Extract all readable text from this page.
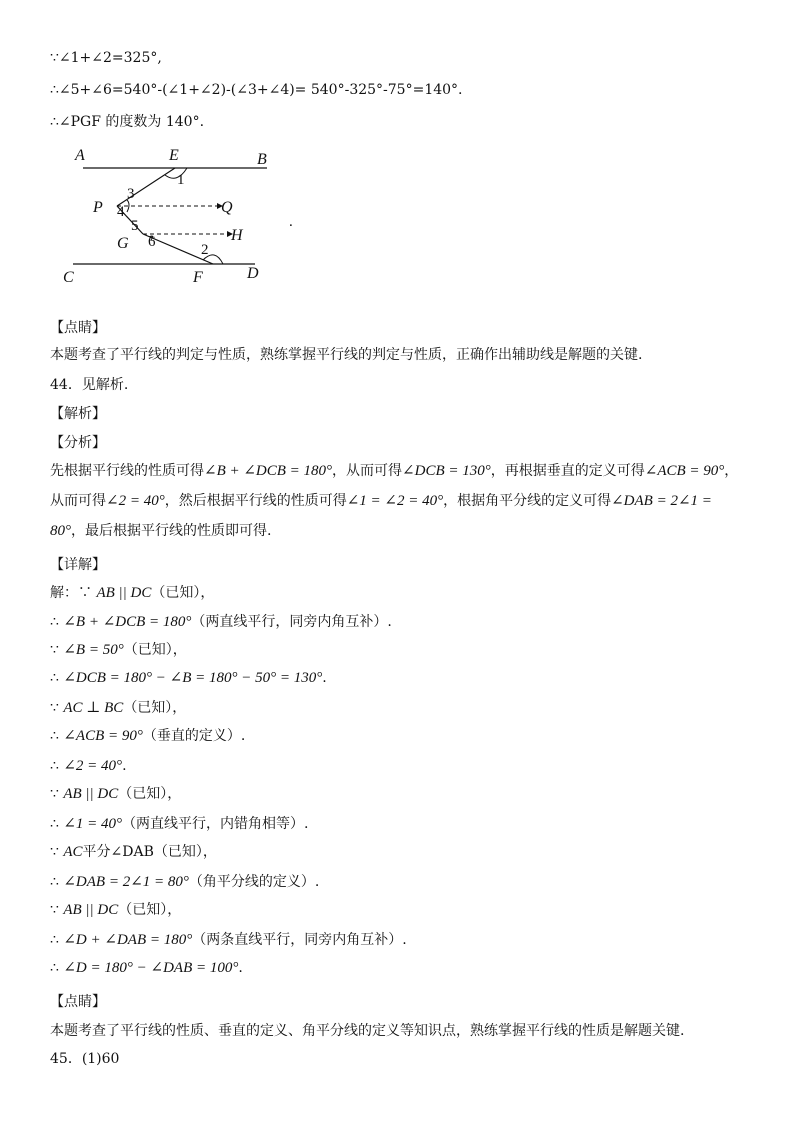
∵∠1+∠2=325°,
∴∠5+∠6=540°-(∠1+∠2)-(∠3+∠4)= 540°-325°-75°=140°.
∴∠PGF 的度数为 140°.
A	E	B
P	Q
G	H
C	F	D
1
2
3
4
5
6
.
【点睛】
本题考查了平行线的判定与性质，熟练掌握平行线的判定与性质，正确作出辅助线是解题的关键.
44．见解析.
【解析】
【分析】
先根据平行线的性质可得∠B + ∠DCB = 180°，从而可得∠DCB = 130°，再根据垂直的定义可得∠ACB = 90°，从而可得∠2 = 40°，然后根据平行线的性质可得∠1 = ∠2 = 40°，根据角平分线的定义可得∠DAB = 2∠1 = 80°，最后根据平行线的性质即可得.
【详解】
解：∵ AB || DC（已知），
∴ ∠B + ∠DCB = 180°（两直线平行，同旁内角互补）.
∵ ∠B = 50°（已知），
∴ ∠DCB = 180° − ∠B = 180° − 50° = 130°.
∵ AC ⊥ BC（已知），
∴ ∠ACB = 90°（垂直的定义）.
∴ ∠2 = 40°.
∵ AB || DC（已知），
∴ ∠1 = 40°（两直线平行，内错角相等）.
∵ AC平分∠DAB（已知），
∴ ∠DAB = 2∠1 = 80°（角平分线的定义）.
∵ AB || DC（已知），
∴ ∠D + ∠DAB = 180°（两条直线平行，同旁内角互补）.
∴ ∠D = 180° − ∠DAB = 100°.
【点睛】
本题考查了平行线的性质、垂直的定义、角平分线的定义等知识点，熟练掌握平行线的性质是解题关键.
45．(1)60
